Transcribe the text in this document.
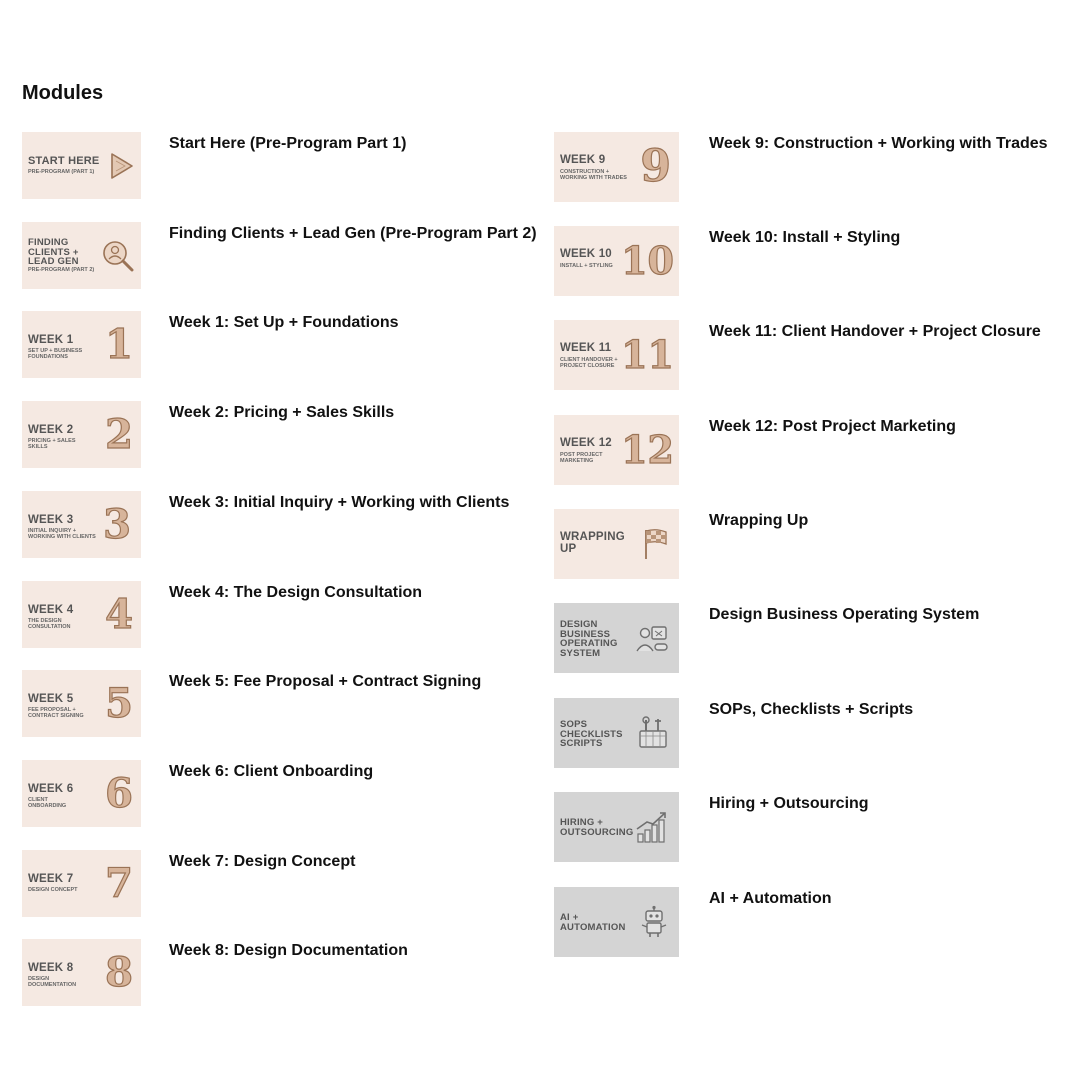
Modules
START HERE
PRE-PROGRAM (PART 1)
Start Here (Pre-Program Part 1)
FINDING
CLIENTS +
LEAD GEN
PRE-PROGRAM (PART 2)
Finding Clients + Lead Gen (Pre-Program Part 2)
WEEK 1
SET UP + BUSINESS
FOUNDATIONS 1 Week 1: Set Up + Foundations
WEEK 2
PRICING + SALES
SKILLS	2 Week 2: Pricing + Sales Skills
WEEK 3
INITIAL INQUIRY +
WORKING WITH CLIENTS 3 Week 3: Initial Inquiry + Working with Clients
WEEK 4
THE DESIGN
CONSULTATION 4 Week 4: The Design Consultation
WEEK 5
FEE PROPOSAL +
CONTRACT SIGNING 5 Week 5: Fee Proposal + Contract Signing
WEEK 6
CLIENT
ONBOARDING 6 Week 6: Client Onboarding
WEEK 7
DESIGN CONCEPT 7 Week 7: Design Concept
WEEK 8
DESIGN
DOCUMENTATION 8 Week 8: Design Documentation
WEEK 9
CONSTRUCTION +
WORKING WITH TRADES 9 Week 9: Construction + Working with Trades
WEEK 10
INSTALL + STYLING 10
Week 10: Install + Styling
WEEK 11
CLIENT HANDOVER +
PROJECT CLOSURE 11
Week 11: Client Handover + Project Closure
WEEK 12
POST PROJECT
MARKETING 12
Week 12: Post Project Marketing
WRAPPING
UP
Wrapping Up
DESIGN
BUSINESS
OPERATING
SYSTEM
Design Business Operating System
SOPS
CHECKLISTS
SCRIPTS
SOPs, Checklists + Scripts
HIRING +
OUTSOURCING
Hiring + Outsourcing
AI +
AUTOMATION
AI + Automation
